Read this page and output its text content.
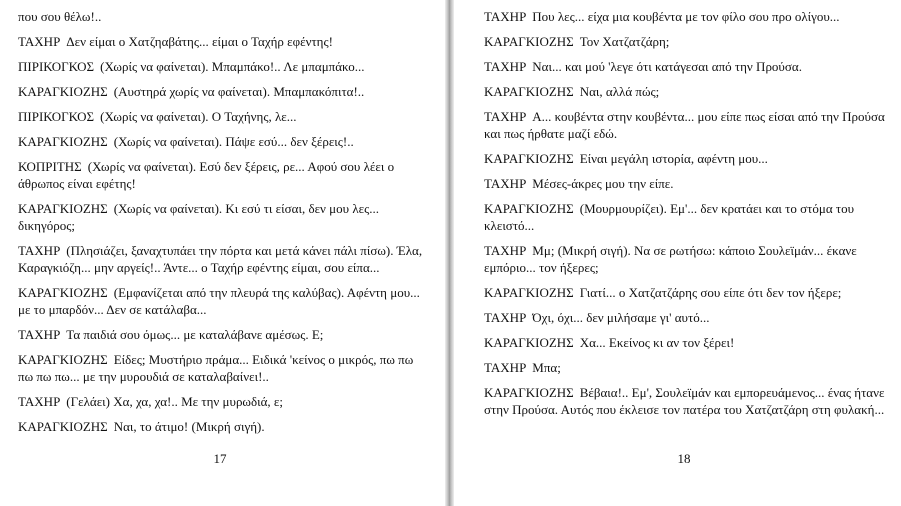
που σου θέλω!..

ΤΑΧΗΡ Δεν είμαι ο Χατζηαβάτης... είμαι ο Ταχήρ εφέντης!

ΠΙΡΙΚΟΓΚΟΣ (Χωρίς να φαίνεται). Μπαμπάκο!.. Λε μπαμπάκο...

ΚΑΡΑΓΚΙΟΖΗΣ (Αυστηρά χωρίς να φαίνεται). Μπαμπακόπιτα!..

ΠΙΡΙΚΟΓΚΟΣ (Χωρίς να φαίνεται). Ο Ταχήνης, λε...

ΚΑΡΑΓΚΙΟΖΗΣ (Χωρίς να φαίνεται). Πάψε εσύ... δεν ξέρεις!..

ΚΟΠΡΙΤΗΣ (Χωρίς να φαίνεται). Εσύ δεν ξέρεις, ρε... Αφού σου λέει ο άθρωπος είναι εφέτης!

ΚΑΡΑΓΚΙΟΖΗΣ (Χωρίς να φαίνεται). Κι εσύ τι είσαι, δεν μου λες... δικηγόρος;

ΤΑΧΗΡ (Πλησιάζει, ξαναχτυπάει την πόρτα και μετά κάνει πάλι πίσω). Έλα, Καραγκιόζη... μην αργείς!.. Άντε... ο Ταχήρ εφέντης είμαι, σου είπα...

ΚΑΡΑΓΚΙΟΖΗΣ (Εμφανίζεται από την πλευρά της καλύβας). Αφέντη μου... με το μπαρδόν... Δεν σε κατάλαβα...

ΤΑΧΗΡ Τα παιδιά σου όμως... με καταλάβανε αμέσως. Ε;

ΚΑΡΑΓΚΙΟΖΗΣ Είδες; Μυστήριο πράμα... Ειδικά 'κείνος ο μικρός, πω πω πω πω πω... με την μυρουδιά σε καταλαβαίνει!..

ΤΑΧΗΡ (Γελάει) Χα, χα, χα!.. Με την μυρωδιά, ε;

ΚΑΡΑΓΚΙΟΖΗΣ Ναι, το άτιμο! (Μικρή σιγή).

17

ΤΑΧΗΡ Που λες... είχα μια κουβέντα με τον φίλο σου προ ολίγου...

ΚΑΡΑΓΚΙΟΖΗΣ Τον Χατζατζάρη;

ΤΑΧΗΡ Ναι... και μού 'λεγε ότι κατάγεσαι από την Προύσα.

ΚΑΡΑΓΚΙΟΖΗΣ Ναι, αλλά πώς;

ΤΑΧΗΡ Α... κουβέντα στην κουβέντα... μου είπε πως είσαι από την Προύσα και πως ήρθατε μαζί εδώ.

ΚΑΡΑΓΚΙΟΖΗΣ Είναι μεγάλη ιστορία, αφέντη μου...

ΤΑΧΗΡ Μέσες-άκρες μου την είπε.

ΚΑΡΑΓΚΙΟΖΗΣ (Μουρμουρίζει). Εμ'... δεν κρατάει και το στόμα του κλειστό...

ΤΑΧΗΡ Μμ; (Μικρή σιγή). Να σε ρωτήσω: κάποιο Σουλεϊμάν... έκανε εμπόριο... τον ήξερες;

ΚΑΡΑΓΚΙΟΖΗΣ Γιατί... ο Χατζατζάρης σου είπε ότι δεν τον ήξερε;

ΤΑΧΗΡ Όχι, όχι... δεν μιλήσαμε γι' αυτό...

ΚΑΡΑΓΚΙΟΖΗΣ Χα... Εκείνος κι αν τον ξέρει!

ΤΑΧΗΡ Μπα;

ΚΑΡΑΓΚΙΟΖΗΣ Βέβαια!.. Εμ', Σουλεϊμάν και εμπορευάμενος... ένας ήτανε στην Προύσα. Αυτός που έκλεισε τον πατέρα του Χατζατζάρη στη φυλακή...

18
